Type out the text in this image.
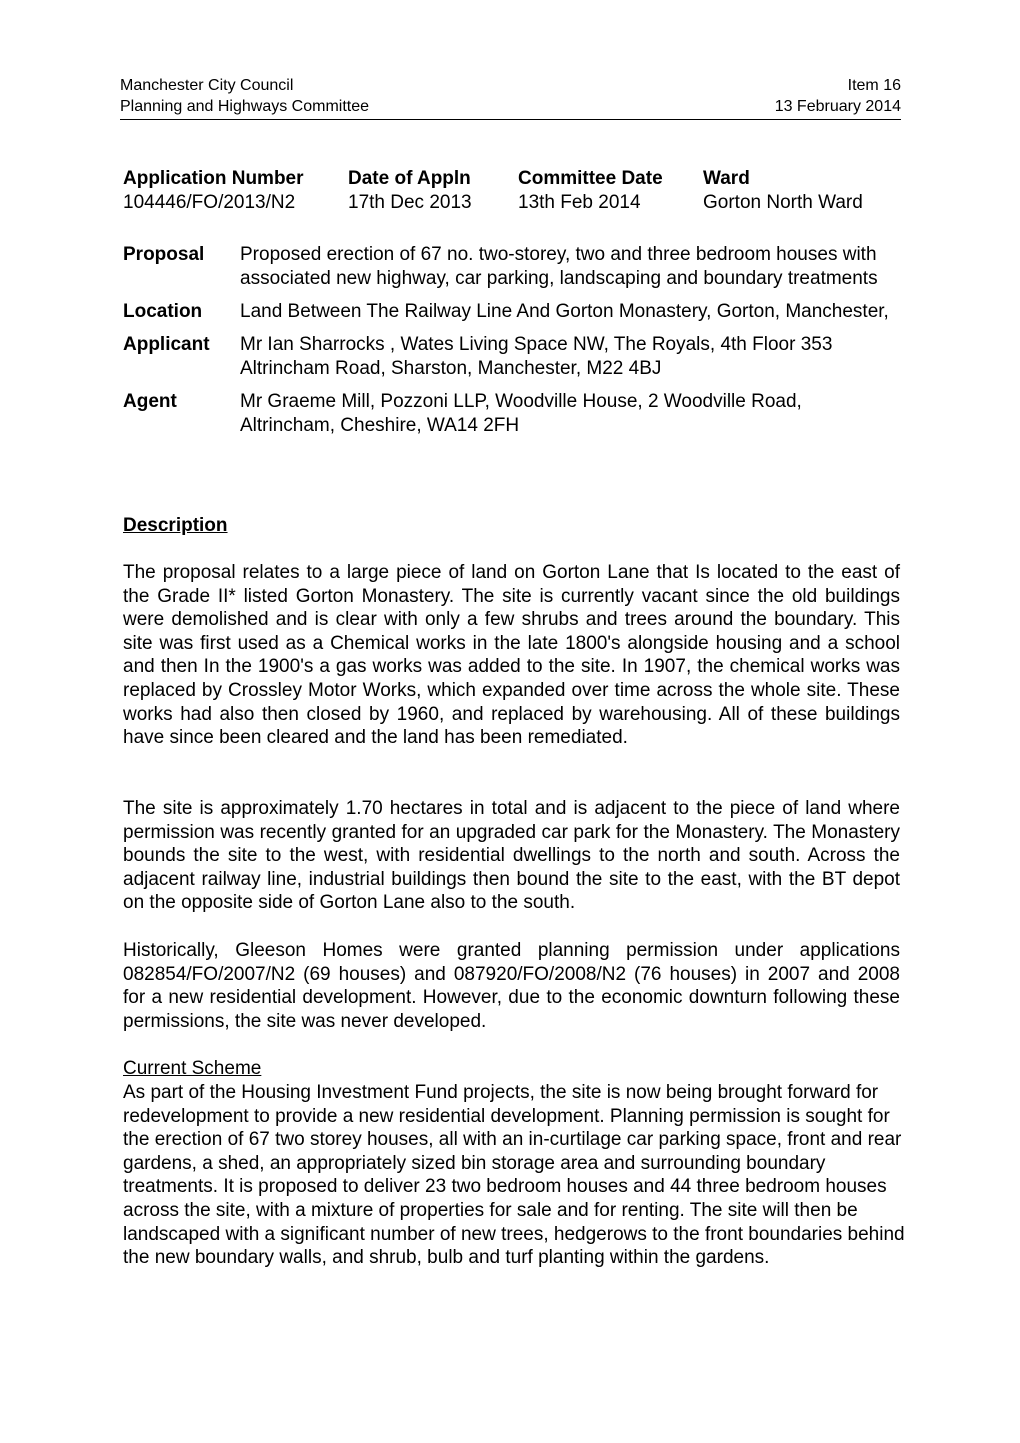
Manchester City Council	Item 16
Planning and Highways Committee	13 February 2014
Application Number	Date of Appln	Committee Date	Ward
104446/FO/2013/N2	17th Dec 2013	13th Feb 2014	Gorton North Ward
Proposal	Proposed erection of 67 no. two-storey, two and three bedroom houses with associated new highway, car parking, landscaping and boundary treatments
Location	Land Between The Railway Line And Gorton Monastery, Gorton, Manchester,
Applicant	Mr Ian Sharrocks , Wates Living Space NW, The Royals, 4th Floor 353 Altrincham Road, Sharston, Manchester, M22 4BJ
Agent	Mr Graeme Mill, Pozzoni LLP, Woodville House, 2 Woodville Road, Altrincham, Cheshire, WA14 2FH
Description
The proposal relates to a large piece of land on Gorton Lane that Is located to the east of the Grade II* listed Gorton Monastery. The site is currently vacant since the old buildings were demolished and is clear with only a few shrubs and trees around the boundary. This site was first used as a Chemical works in the late 1800's alongside housing and a school and then In the 1900's a gas works was added to the site. In 1907, the chemical works was replaced by Crossley Motor Works, which expanded over time across the whole site. These works had also then closed by 1960, and replaced by warehousing. All of these buildings have since been cleared and the land has been remediated.
The site is approximately 1.70 hectares in total and is adjacent to the piece of land where permission was recently granted for an upgraded car park for the Monastery. The Monastery bounds the site to the west, with residential dwellings to the north and south. Across the adjacent railway line, industrial buildings then bound the site to the east, with the BT depot on the opposite side of Gorton Lane also to the south.
Historically, Gleeson Homes were granted planning permission under applications 082854/FO/2007/N2 (69 houses) and 087920/FO/2008/N2 (76 houses) in 2007 and 2008 for a new residential development. However, due to the economic downturn following these permissions, the site was never developed.
Current Scheme
As part of the Housing Investment Fund projects, the site is now being brought forward for redevelopment to provide a new residential development. Planning permission is sought for the erection of 67 two storey houses, all with an in-curtilage car parking space, front and rear gardens, a shed, an appropriately sized bin storage area and surrounding boundary treatments. It is proposed to deliver 23 two bedroom houses and 44 three bedroom houses across the site, with a mixture of properties for sale and for renting. The site will then be landscaped with a significant number of new trees, hedgerows to the front boundaries behind the new boundary walls, and shrub, bulb and turf planting within the gardens.
